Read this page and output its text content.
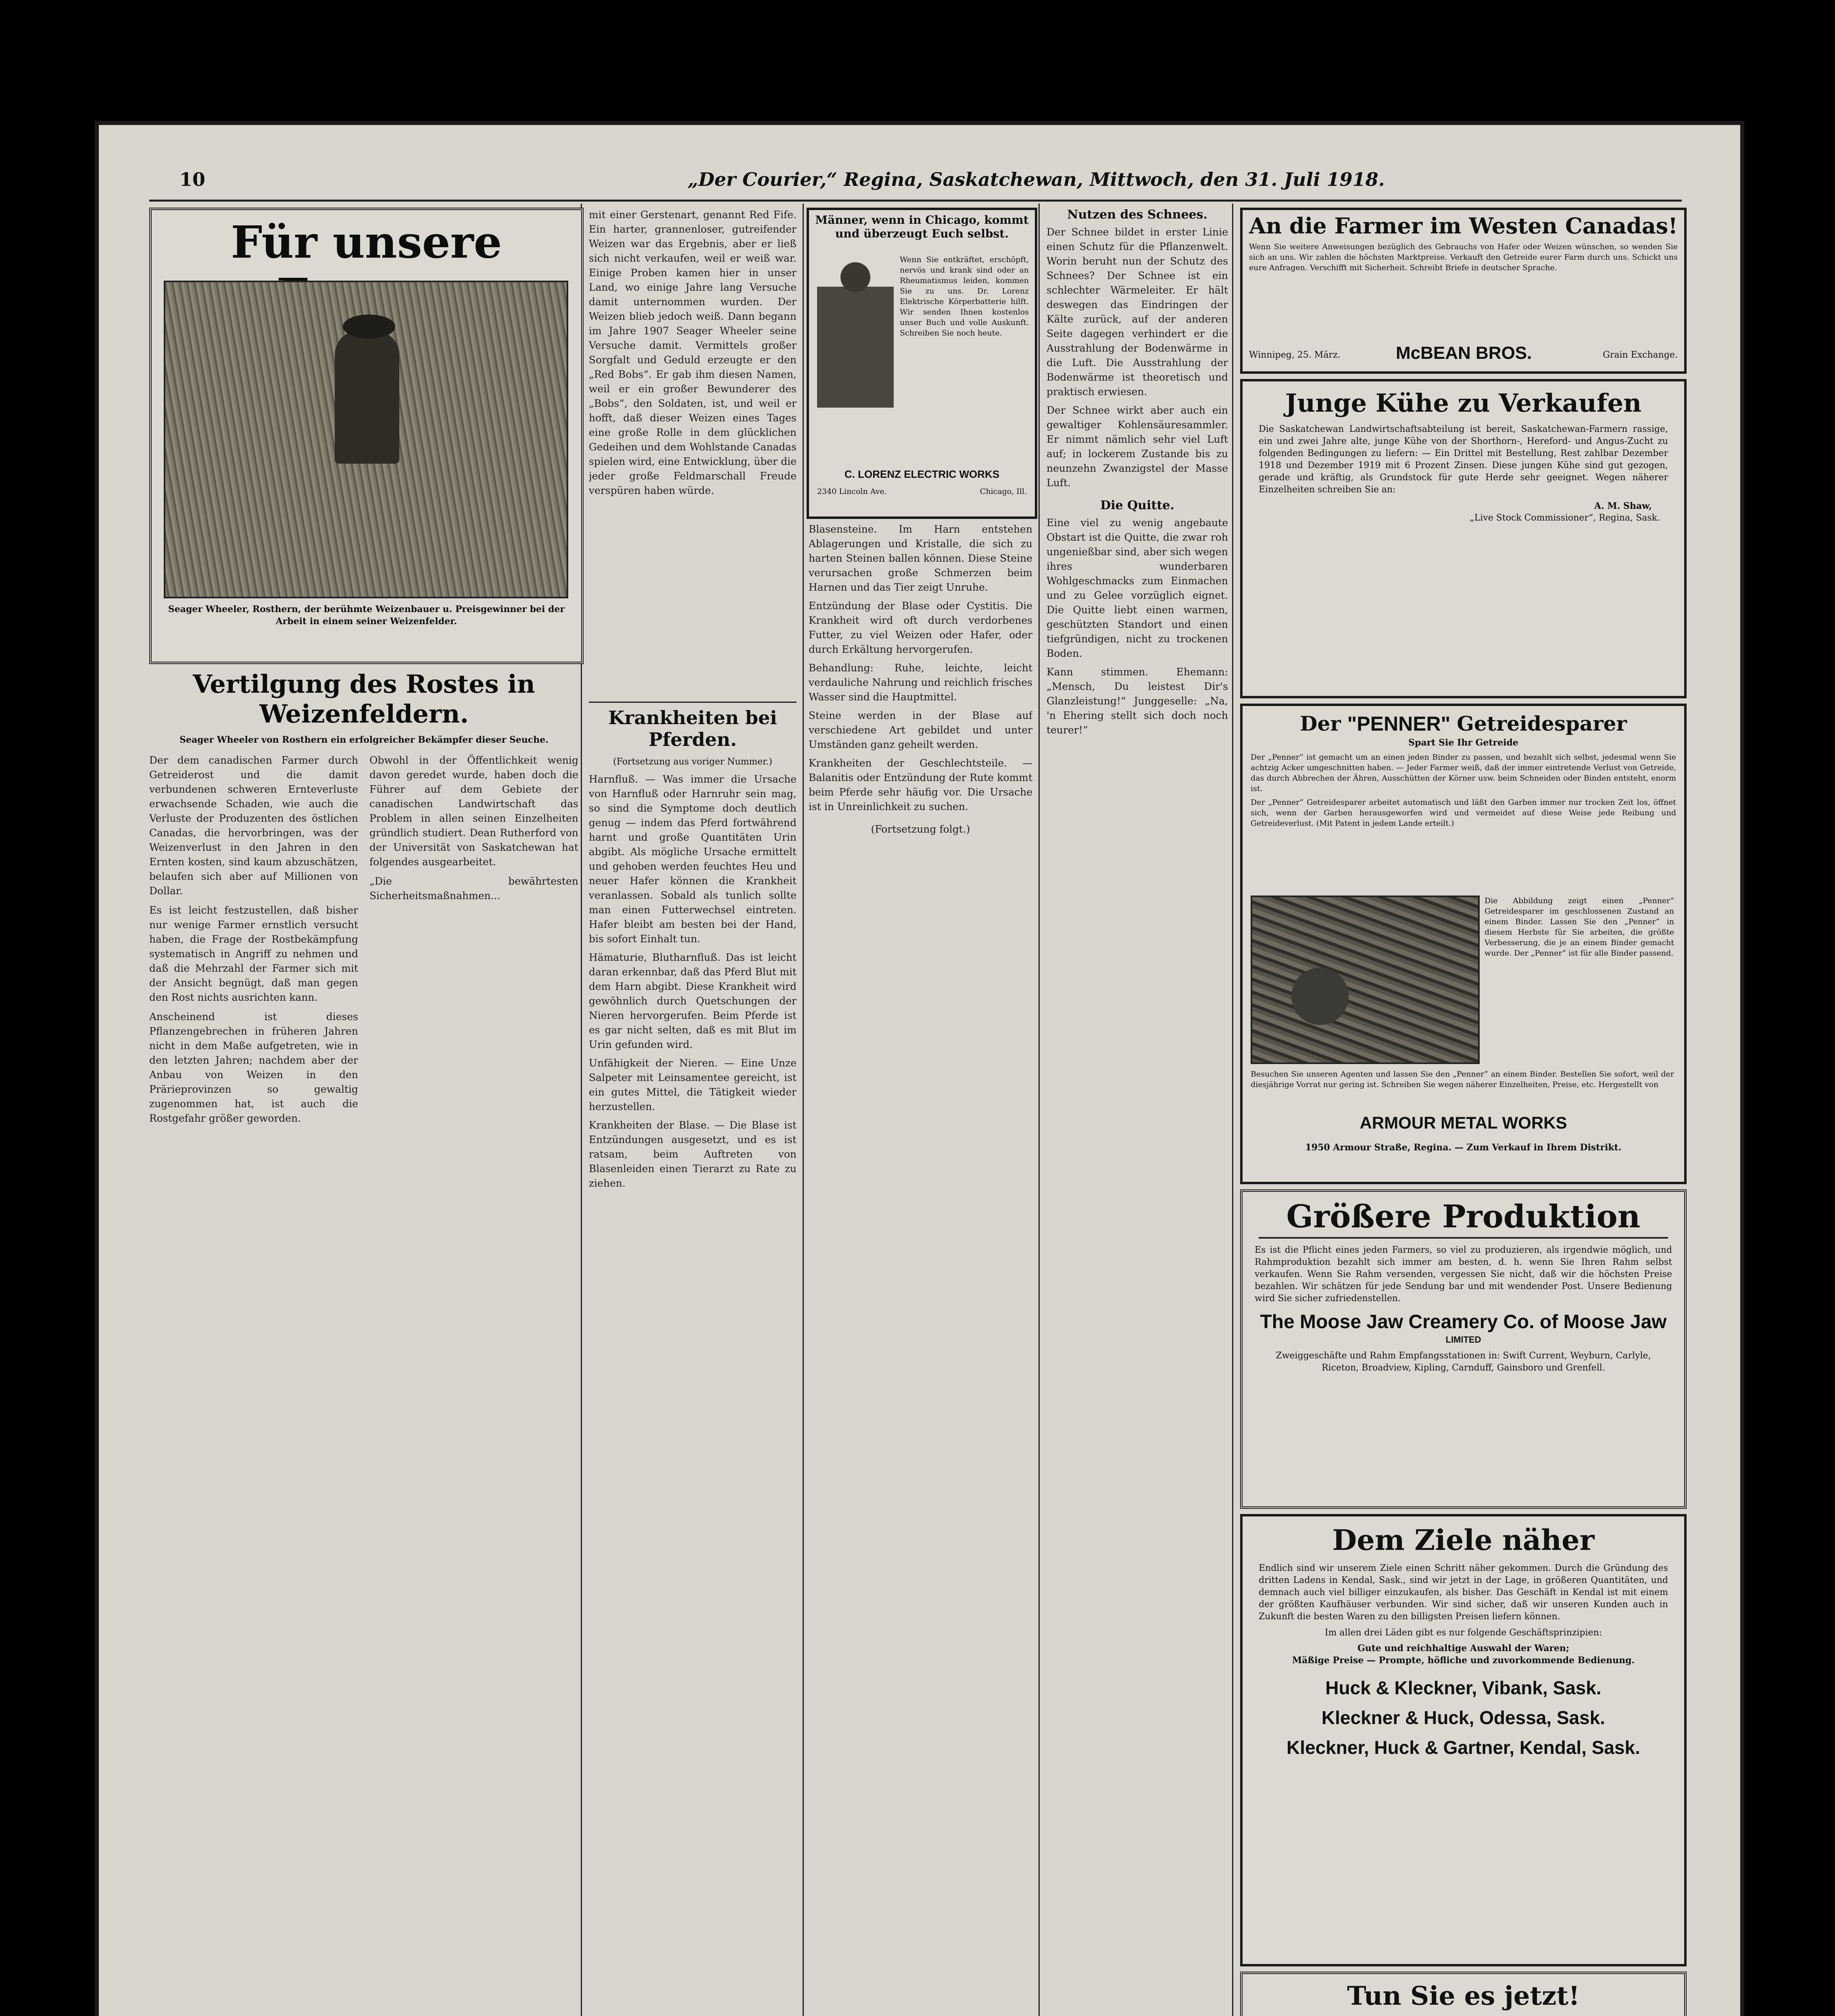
10	„Der Courier,“ Regina, Saskatchewan, Mittwoch, den 31. Juli 1918.
Für unsere
Seager Wheeler, Rosthern, der berühmte Weizenbauer u. Preisgewinner bei der Arbeit in einem seiner Weizenfelder.
Vertilgung des Rostes in Weizenfeldern.
Seager Wheeler von Rosthern ein erfolgreicher Bekämpfer dieser Seuche.

Der dem canadischen Farmer durch Getreiderost und die damit verbundenen schweren Ernteverluste erwachsende Schaden, wie auch die Verluste der Produzenten des östlichen Canadas, die hervorbringen, was der Weizenverlust in den Jahren in den Ernten kosten, sind kaum abzuschätzen, belaufen sich aber auf Millionen von Dollar.

Es ist leicht festzustellen, daß bisher nur wenige Farmer ernstlich versucht haben, die Frage der Rostbekämpfung systematisch in Angriff zu nehmen und daß die Mehrzahl der Farmer sich mit der Ansicht begnügt, daß man gegen den Rost nichts ausrichten kann.

Anscheinend ist dieses Pflanzengebrechen in früheren Jahren nicht in dem Maße aufgetreten, wie in den letzten Jahren; nachdem aber der Anbau von Weizen in den Prärieprovinzen so gewaltig zugenommen hat, ist auch die Rostgefahr größer geworden.

Obwohl in der Öffentlichkeit wenig davon geredet wurde, haben doch die Führer auf dem Gebiete der canadischen Landwirtschaft das Problem in allen seinen Einzelheiten gründlich studiert. Dean Rutherford von der Universität von Saskatchewan hat folgendes ausgearbeitet.

„Die bewährtesten Sicherheitsmaßnahmen...

mit einer Gerstenart, genannt Red Fife. Ein harter, grannenloser, gutreifender Weizen war das Ergebnis, aber er ließ sich nicht verkaufen, weil er weiß war. Einige Proben kamen hier in unser Land, wo einige Jahre lang Versuche damit unternommen wurden. Der Weizen blieb jedoch weiß. Dann begann im Jahre 1907 Seager Wheeler seine Versuche damit. Vermittels großer Sorgfalt und Geduld erzeugte er den „Red Bobs“. Er gab ihm diesen Namen, weil er ein großer Bewunderer des „Bobs“, den Soldaten, ist, und weil er hofft, daß dieser Weizen eines Tages eine große Rolle in dem glücklichen Gedeihen und dem Wohlstande Canadas spielen wird, eine Entwicklung, über die jeder große Feldmarschall Freude verspüren haben würde.

Krankheiten bei Pferden.
(Fortsetzung aus voriger Nummer.)

Harnfluß. — Was immer die Ursache von Harnfluß oder Harnruhr sein mag, so sind die Symptome doch deutlich genug — indem das Pferd fortwährend harnt und große Quantitäten Urin abgibt. Als mögliche Ursache ermittelt und gehoben werden feuchtes Heu und neuer Hafer können die Krankheit veranlassen. Sobald als tunlich sollte man einen Futterwechsel eintreten. Hafer bleibt am besten bei der Hand, bis sofort Einhalt tun.

Hämaturie, Blutharnfluß. Das ist leicht daran erkennbar, daß das Pferd Blut mit dem Harn abgibt. Diese Krankheit wird gewöhnlich durch Quetschungen der Nieren hervorgerufen. Beim Pferde ist es gar nicht selten, daß es mit Blut im Urin gefunden wird.

Unfähigkeit der Nieren. — Eine Unze Salpeter mit Leinsamentee gereicht, ist ein gutes Mittel, die Tätigkeit wieder herzustellen.

Krankheiten der Blase. — Die Blase ist Entzündungen ausgesetzt, und es ist ratsam, beim Auftreten von Blasenleiden einen Tierarzt zu Rate zu ziehen.

Männer, wenn in Chicago, kommt und überzeugt Euch selbst.
Wenn Sie entkräftet, erschöpft, nervös und krank sind oder an Rheumatismus leiden, kommen Sie zu uns. Dr. Lorenz Elektrische Körperbatterie hilft. Wir senden Ihnen kostenlos unser Buch und volle Auskunft. Schreiben Sie noch heute.
C. LORENZ ELECTRIC WORKS
2340 Lincoln Ave.	Chicago, Ill.

Blasensteine. Im Harn entstehen Ablagerungen und Kristalle, die sich zu harten Steinen ballen können. Diese Steine verursachen große Schmerzen beim Harnen und das Tier zeigt Unruhe.

Entzündung der Blase oder Cystitis. Die Krankheit wird oft durch verdorbenes Futter, zu viel Weizen oder Hafer, oder durch Erkältung hervorgerufen.

Behandlung: Ruhe, leichte, leicht verdauliche Nahrung und reichlich frisches Wasser sind die Hauptmittel.

Steine werden in der Blase auf verschiedene Art gebildet und unter Umständen ganz geheilt werden.

Krankheiten der Geschlechtsteile. — Balanitis oder Entzündung der Rute kommt beim Pferde sehr häufig vor. Die Ursache ist in Unreinlichkeit zu suchen.

(Fortsetzung folgt.)

Nutzen des Schnees.

Der Schnee bildet in erster Linie einen Schutz für die Pflanzenwelt. Worin beruht nun der Schutz des Schnees? Der Schnee ist ein schlechter Wärmeleiter. Er hält deswegen das Eindringen der Kälte zurück, auf der anderen Seite dagegen verhindert er die Ausstrahlung der Bodenwärme in die Luft. Die Ausstrahlung der Bodenwärme ist theoretisch und praktisch erwiesen.

Der Schnee wirkt aber auch ein gewaltiger Kohlensäuresammler. Er nimmt nämlich sehr viel Luft auf; in lockerem Zustande bis zu neunzehn Zwanzigstel der Masse Luft.

Die Quitte.

Eine viel zu wenig angebaute Obstart ist die Quitte, die zwar roh ungenießbar sind, aber sich wegen ihres wunderbaren Wohlgeschmacks zum Einmachen und zu Gelee vorzüglich eignet. Die Quitte liebt einen warmen, geschützten Standort und einen tiefgründigen, nicht zu trockenen Boden.

Kann stimmen. Ehemann: „Mensch, Du leistest Dir's Glanzleistung!“ Junggeselle: „Na, 'n Ehering stellt sich doch noch teurer!“

An die Farmer im Westen Canadas!
Wenn Sie weitere Anweisungen bezüglich des Gebrauchs von Hafer oder Weizen wünschen, so wenden Sie sich an uns. Wir zahlen die höchsten Marktpreise. Verkauft den Getreide eurer Farm durch uns. Schickt uns eure Anfragen. Verschifft mit Sicherheit. Schreibt Briefe in deutscher Sprache.
Winnipeg, 25. März.	McBEAN BROS.	Grain Exchange.
Junge Kühe zu Verkaufen
Die Saskatchewan Landwirtschaftsabteilung ist bereit, Saskatchewan-Farmern rassige, ein und zwei Jahre alte, junge Kühe von der Shorthorn-, Hereford- und Angus-Zucht zu folgenden Bedingungen zu liefern: — Ein Drittel mit Bestellung, Rest zahlbar Dezember 1918 und Dezember 1919 mit 6 Prozent Zinsen. Diese jungen Kühe sind gut gezogen, gerade und kräftig, als Grundstock für gute Herde sehr geeignet. Wegen näherer Einzelheiten schreiben Sie an:
A. M. Shaw,
„Live Stock Commissioner“, Regina, Sask.
Der "PENNER" Getreidesparer
Spart Sie Ihr Getreide
Der „Penner“ ist gemacht um an einen jeden Binder zu passen, und bezahlt sich selbst, jedesmal wenn Sie achtzig Acker umgeschnitten haben. — Jeder Farmer weiß, daß der immer eintretende Verlust von Getreide, das durch Abbrechen der Ähren, Ausschütten der Körner usw. beim Schneiden oder Binden entsteht, enorm ist.
Der „Penner“ Getreidesparer arbeitet automatisch und läßt den Garben immer nur trocken Zeit los, öffnet sich, wenn der Garben herausgeworfen wird und vermeidet auf diese Weise jede Reibung und Getreideverlust. (Mit Patent in jedem Lande erteilt.)
Die Abbildung zeigt einen „Penner“ Getreidesparer im geschlossenen Zustand an einem Binder. Lassen Sie den „Penner“ in diesem Herbste für Sie arbeiten, die größte Verbesserung, die je an einem Binder gemacht wurde. Der „Penner“ ist für alle Binder passend.
Besuchen Sie unseren Agenten und lassen Sie den „Penner“ an einem Binder. Bestellen Sie sofort, weil der diesjährige Vorrat nur gering ist. Schreiben Sie wegen näherer Einzelheiten, Preise, etc. Hergestellt von
ARMOUR METAL WORKS
1950 Armour Straße, Regina. — Zum Verkauf in Ihrem Distrikt.
Größere Produktion
Es ist die Pflicht eines jeden Farmers, so viel zu produzieren, als irgendwie möglich, und Rahmproduktion bezahlt sich immer am besten, d. h. wenn Sie Ihren Rahm selbst verkaufen. Wenn Sie Rahm versenden, vergessen Sie nicht, daß wir die höchsten Preise bezahlen. Wir schätzen für jede Sendung bar und mit wendender Post. Unsere Bedienung wird Sie sicher zufriedenstellen.
The Moose Jaw Creamery Co. of Moose Jaw
LIMITED
Zweiggeschäfte und Rahm Empfangsstationen in: Swift Current, Weyburn, Carlyle, Riceton, Broadview, Kipling, Carnduff, Gainsboro und Grenfell.
Dem Ziele näher
Endlich sind wir unserem Ziele einen Schritt näher gekommen. Durch die Gründung des dritten Ladens in Kendal, Sask., sind wir jetzt in der Lage, in größeren Quantitäten, und demnach auch viel billiger einzukaufen, als bisher. Das Geschäft in Kendal ist mit einem der größten Kaufhäuser verbunden. Wir sind sicher, daß wir unseren Kunden auch in Zukunft die besten Waren zu den billigsten Preisen liefern können.
Im allen drei Läden gibt es nur folgende Geschäftsprinzipien:
Gute und reichhaltige Auswahl der Waren;
Mäßige Preise — Prompte, höfliche und zuvorkommende Bedienung.
Huck & Kleckner, Vibank, Sask.
Kleckner & Huck, Odessa, Sask.
Kleckner, Huck & Gartner, Kendal, Sask.
Tun Sie es jetzt!
